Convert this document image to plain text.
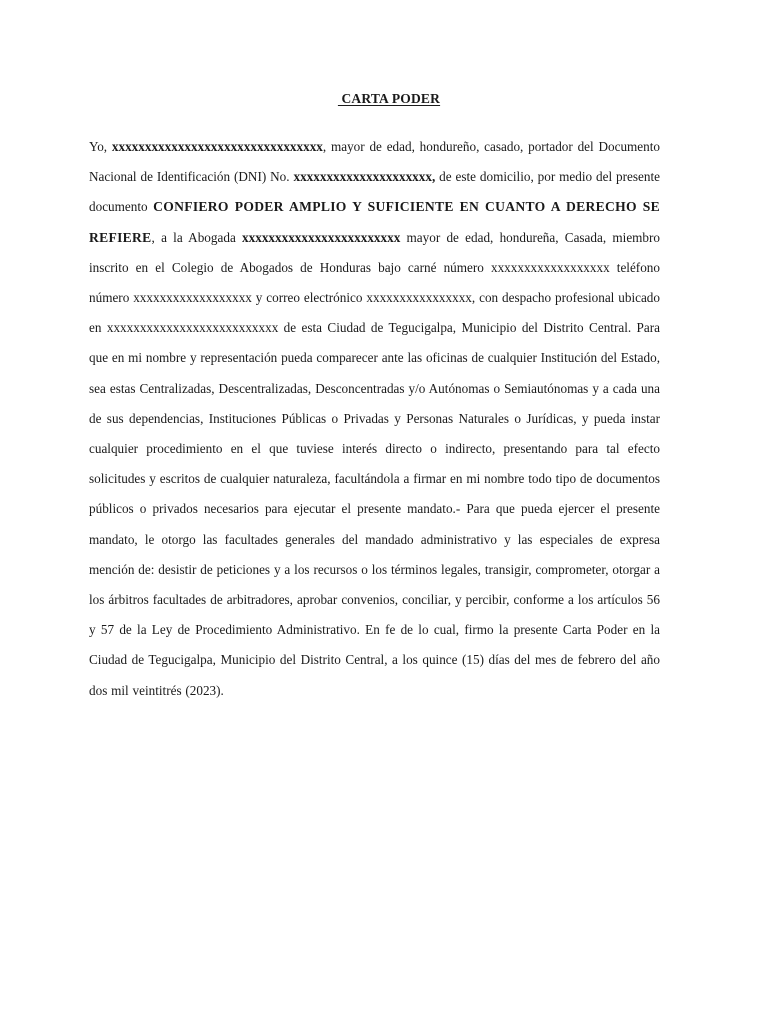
CARTA PODER

Yo, xxxxxxxxxxxxxxxxxxxxxxxxxxxxxxxx, mayor de edad, hondureño, casado, portador del Documento Nacional de Identificación (DNI) No. xxxxxxxxxxxxxxxxxxxxx, de este domicilio, por medio del presente documento CONFIERO PODER AMPLIO Y SUFICIENTE EN CUANTO A DERECHO SE REFIERE, a la Abogada xxxxxxxxxxxxxxxxxxxxxxxx mayor de edad, hondureña, Casada, miembro inscrito en el Colegio de Abogados de Honduras bajo carné número xxxxxxxxxxxxxxxxxx teléfono número xxxxxxxxxxxxxxxxxx y correo electrónico xxxxxxxxxxxxxxxx, con despacho profesional ubicado en xxxxxxxxxxxxxxxxxxxxxxxxxx de esta Ciudad de Tegucigalpa, Municipio del Distrito Central. Para que en mi nombre y representación pueda comparecer ante las oficinas de cualquier Institución del Estado, sea estas Centralizadas, Descentralizadas, Desconcentradas y/o Autónomas o Semiautónomas y a cada una de sus dependencias, Instituciones Públicas o Privadas y Personas Naturales o Jurídicas, y pueda instar cualquier procedimiento en el que tuviese interés directo o indirecto, presentando para tal efecto solicitudes y escritos de cualquier naturaleza, facultándola a firmar en mi nombre todo tipo de documentos públicos o privados necesarios para ejecutar el presente mandato.- Para que pueda ejercer el presente mandato, le otorgo las facultades generales del mandado administrativo y las especiales de expresa mención de: desistir de peticiones y a los recursos o los términos legales, transigir, comprometer, otorgar a los árbitros facultades de arbitradores, aprobar convenios, conciliar, y percibir, conforme a los artículos 56 y 57 de la Ley de Procedimiento Administrativo. En fe de lo cual, firmo la presente Carta Poder en la Ciudad de Tegucigalpa, Municipio del Distrito Central, a los quince (15) días del mes de febrero del año dos mil veintitrés (2023).
